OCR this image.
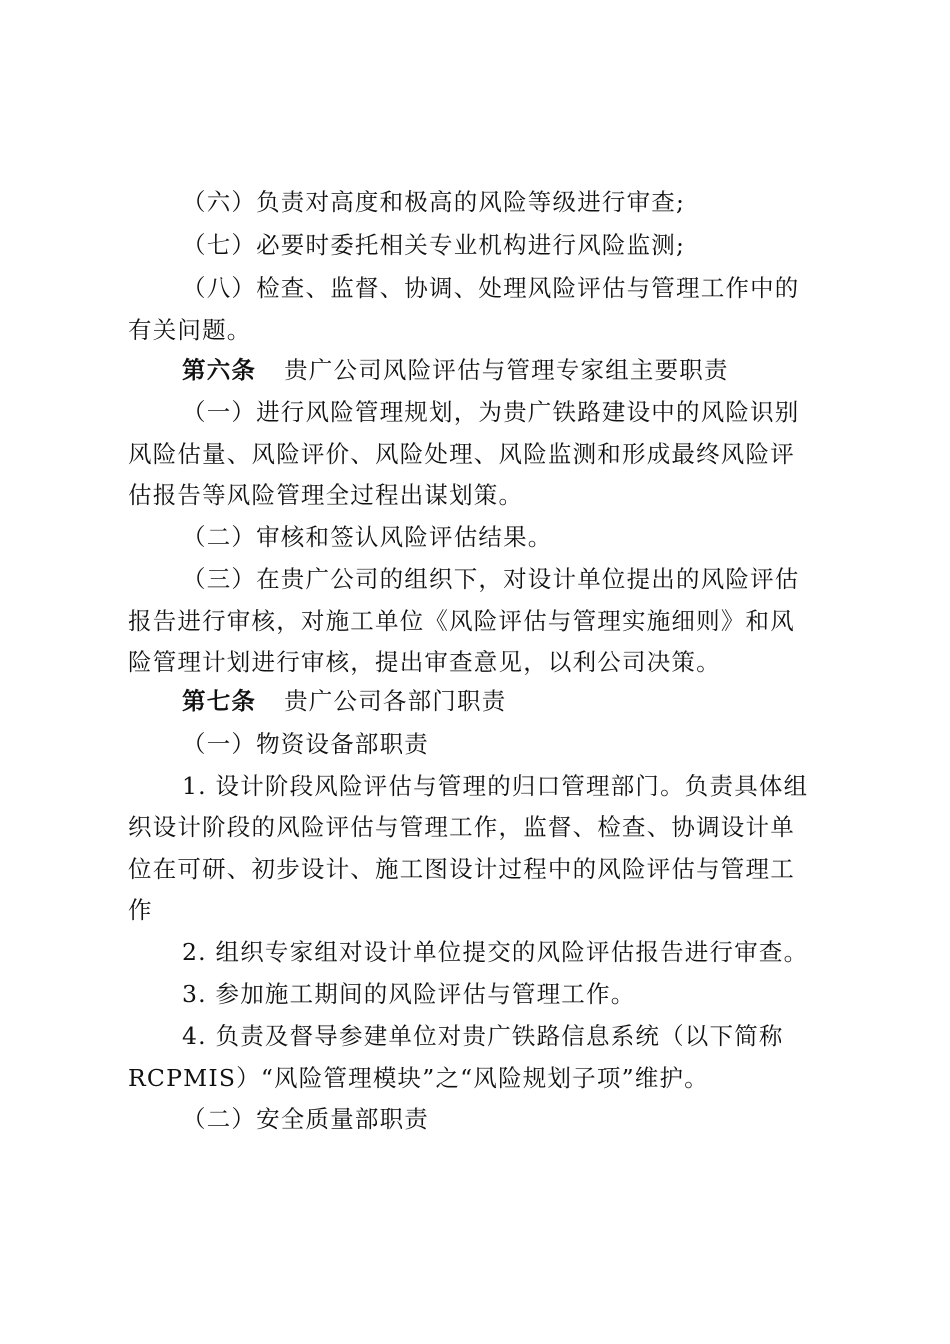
（六）负责对高度和极高的风险等级进行审查;
（七）必要时委托相关专业机构进行风险监测;
（八）检查、监督、协调、处理风险评估与管理工作中的
有关问题。
第六条 贵广公司风险评估与管理专家组主要职责
（一）进行风险管理规划，为贵广铁路建设中的风险识别
风险估量、风险评价、风险处理、风险监测和形成最终风险评
估报告等风险管理全过程出谋划策。
（二）审核和签认风险评估结果。
（三）在贵广公司的组织下，对设计单位提出的风险评估
报告进行审核，对施工单位《风险评估与管理实施细则》和风
险管理计划进行审核，提出审查意见，以利公司决策。
第七条 贵广公司各部门职责
（一）物资设备部职责
1. 设计阶段风险评估与管理的归口管理部门。负责具体组
织设计阶段的风险评估与管理工作，监督、检查、协调设计单
位在可研、初步设计、施工图设计过程中的风险评估与管理工
作
2. 组织专家组对设计单位提交的风险评估报告进行审查。
3. 参加施工期间的风险评估与管理工作。
4. 负责及督导参建单位对贵广铁路信息系统（以下简称
RCPMIS）“风险管理模块”之“风险规划子项”维护。
（二）安全质量部职责
